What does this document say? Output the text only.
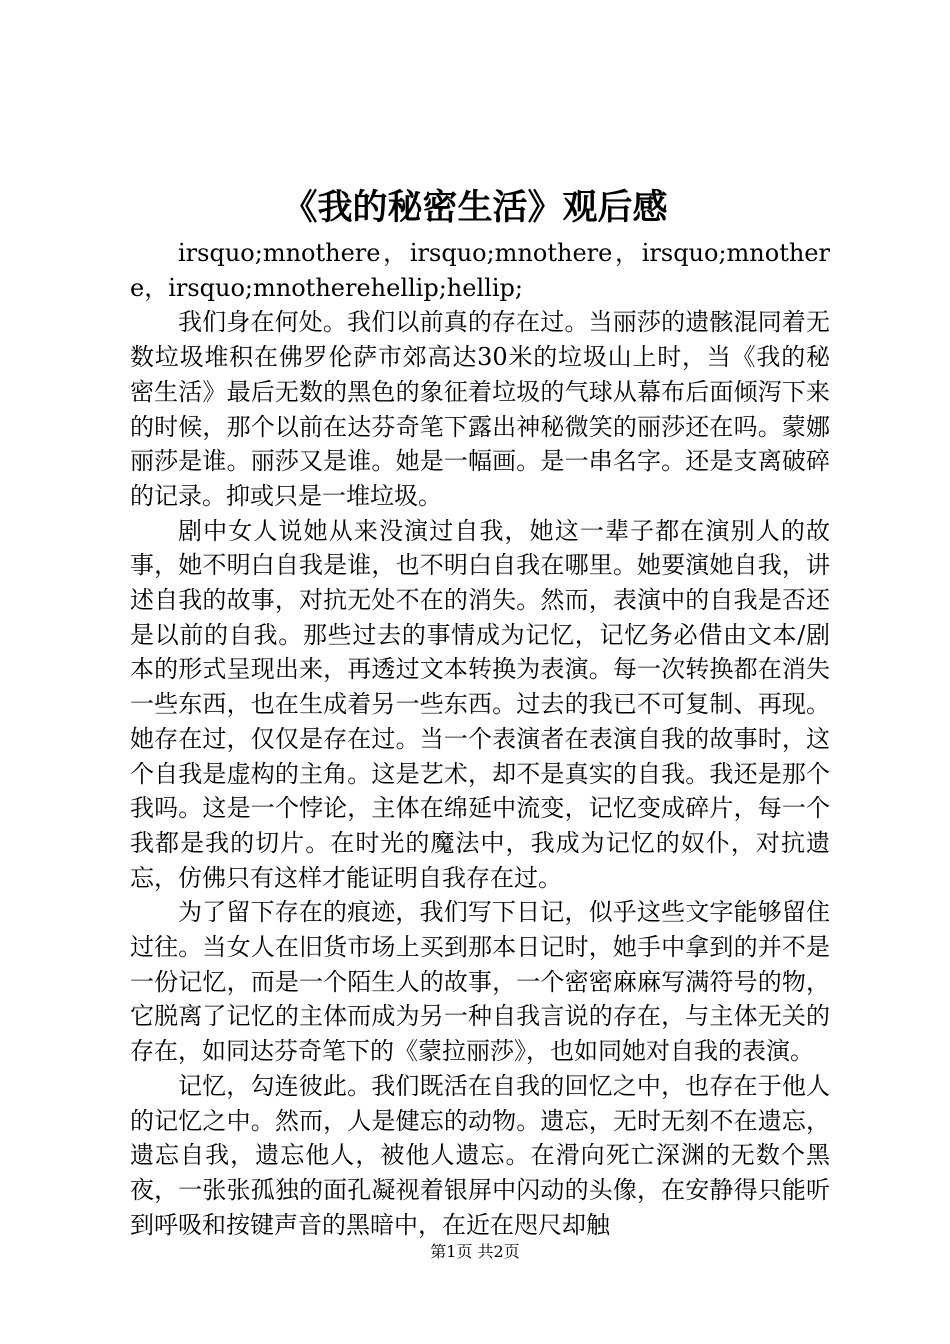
《我的秘密生活》观后感

irsquo;mnothere，irsquo;mnothere，irsquo;mnothere，irsquo;mnotherehellip;hellip;

我们身在何处。我们以前真的存在过。当丽莎的遗骸混同着无数垃圾堆积在佛罗伦萨市郊高达30米的垃圾山上时，当《我的秘密生活》最后无数的黑色的象征着垃圾的气球从幕布后面倾泻下来的时候，那个以前在达芬奇笔下露出神秘微笑的丽莎还在吗。蒙娜丽莎是谁。丽莎又是谁。她是一幅画。是一串名字。还是支离破碎的记录。抑或只是一堆垃圾。

剧中女人说她从来没演过自我，她这一辈子都在演别人的故事，她不明白自我是谁，也不明白自我在哪里。她要演她自我，讲述自我的故事，对抗无处不在的消失。然而，表演中的自我是否还是以前的自我。那些过去的事情成为记忆，记忆务必借由文本/剧本的形式呈现出来，再透过文本转换为表演。每一次转换都在消失一些东西，也在生成着另一些东西。过去的我已不可复制、再现。她存在过，仅仅是存在过。当一个表演者在表演自我的故事时，这个自我是虚构的主角。这是艺术，却不是真实的自我。我还是那个我吗。这是一个悖论，主体在绵延中流变，记忆变成碎片，每一个我都是我的切片。在时光的魔法中，我成为记忆的奴仆，对抗遗忘，仿佛只有这样才能证明自我存在过。

为了留下存在的痕迹，我们写下日记，似乎这些文字能够留住过往。当女人在旧货市场上买到那本日记时，她手中拿到的并不是一份记忆，而是一个陌生人的故事，一个密密麻麻写满符号的物，它脱离了记忆的主体而成为另一种自我言说的存在，与主体无关的存在，如同达芬奇笔下的《蒙拉丽莎》，也如同她对自我的表演。

记忆，勾连彼此。我们既活在自我的回忆之中，也存在于他人的记忆之中。然而，人是健忘的动物。遗忘，无时无刻不在遗忘，遗忘自我，遗忘他人，被他人遗忘。在滑向死亡深渊的无数个黑夜，一张张孤独的面孔凝视着银屏中闪动的头像，在安静得只能听到呼吸和按键声音的黑暗中，在近在咫尺却触

第1页 共2页
